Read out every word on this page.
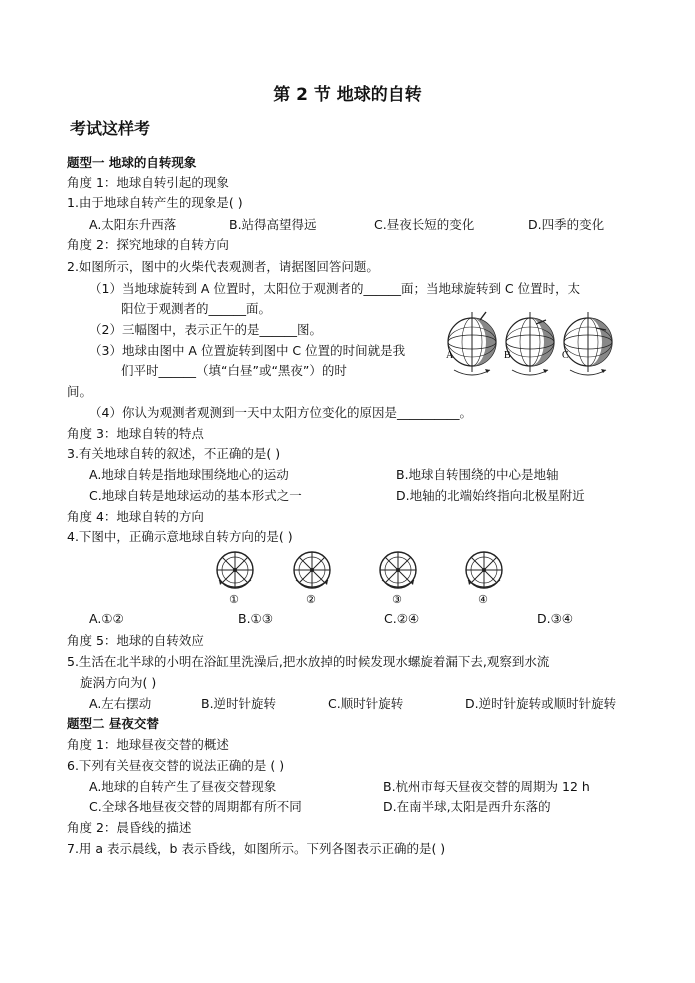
第 2 节 地球的自转
考试这样考
题型一 地球的自转现象
角度 1：地球自转引起的现象
1.由于地球自转产生的现象是( )
A.太阳东升西落	B.站得高望得远	C.昼夜长短的变化	D.四季的变化
角度 2：探究地球的自转方向
2.如图所示，图中的火柴代表观测者，请据图回答问题。
（1）当地球旋转到 A 位置时，太阳位于观测者的______面；当地球旋转到 C 位置时，太
阳位于观测者的______面。
（2）三幅图中，表示正午的是______图。
（3）地球由图中 A 位置旋转到图中 C 位置的时间就是我
们平时______（填“白昼”或“黑夜”）的时
间。
（4）你认为观测者观测到一天中太阳方位变化的原因是__________。
A	B	C
角度 3：地球自转的特点
3.有关地球自转的叙述，不正确的是( )
A.地球自转是指地球围绕地心的运动	B.地球自转围绕的中心是地轴
C.地球自转是地球运动的基本形式之一	D.地轴的北端始终指向北极星附近
角度 4：地球自转的方向
4.下图中，正确示意地球自转方向的是( )
①	②	③	④
A.①②	B.①③	C.②④	D.③④
角度 5：地球的自转效应
5.生活在北半球的小明在浴缸里洗澡后,把水放掉的时候发现水螺旋着漏下去,观察到水流
旋涡方向为( )
A.左右摆动	B.逆时针旋转	C.顺时针旋转	D.逆时针旋转或顺时针旋转
题型二 昼夜交替
角度 1：地球昼夜交替的概述
6.下列有关昼夜交替的说法正确的是 ( )
A.地球的自转产生了昼夜交替现象	B.杭州市每天昼夜交替的周期为 12 h
C.全球各地昼夜交替的周期都有所不同	D.在南半球,太阳是西升东落的
角度 2：晨昏线的描述
7.用 a 表示晨线，b 表示昏线，如图所示。下列各图表示正确的是( )
